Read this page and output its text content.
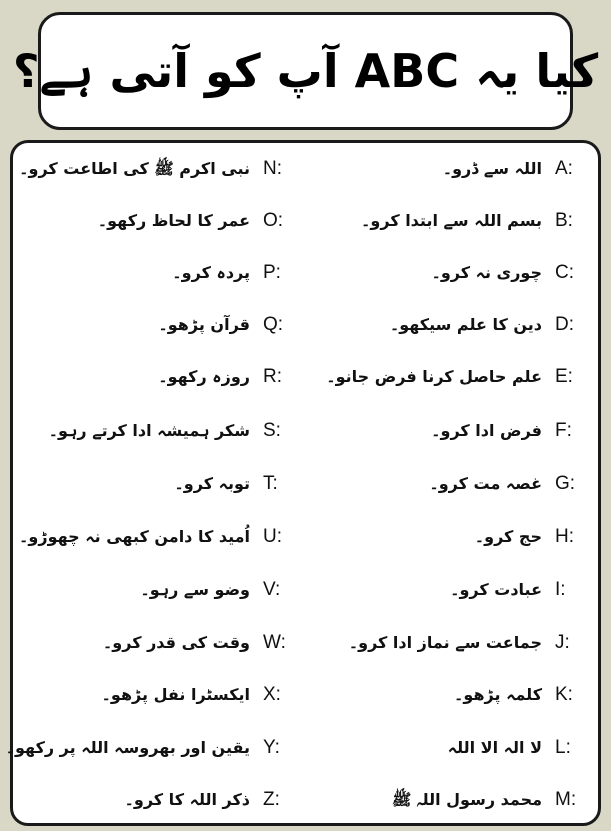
کیا یہ ABC آپ کو آتی ہے؟
نبی اکرم ﷺ کی اطاعت کرو۔ N:	اللہ سے ڈرو۔ A:
عمر کا لحاظ رکھو۔ O:	بسم اللہ سے ابتدا کرو۔ B:
پردہ کرو۔ P:	چوری نہ کرو۔ C:
قرآن پڑھو۔ Q:	دین کا علم سیکھو۔ D:
روزہ رکھو۔ R:	علم حاصل کرنا فرض جانو۔ E:
شکر ہمیشہ ادا کرتے رہو۔ S:	فرض ادا کرو۔ F:
توبہ کرو۔ T:	غصہ مت کرو۔ G:
اُمید کا دامن کبھی نہ چھوڑو۔ U:	حج کرو۔ H:
وضو سے رہو۔ V:	عبادت کرو۔ I:
وقت کی قدر کرو۔ W:	جماعت سے نماز ادا کرو۔ J:
ایکسٹرا نفل پڑھو۔ X:	کلمہ پڑھو۔ K:
یقین اور بھروسہ اللہ پر رکھو۔ Y:	لا الہ الا اللہ L:
ذکر اللہ کا کرو۔ Z:	محمد رسول اللہ ﷺ M:
